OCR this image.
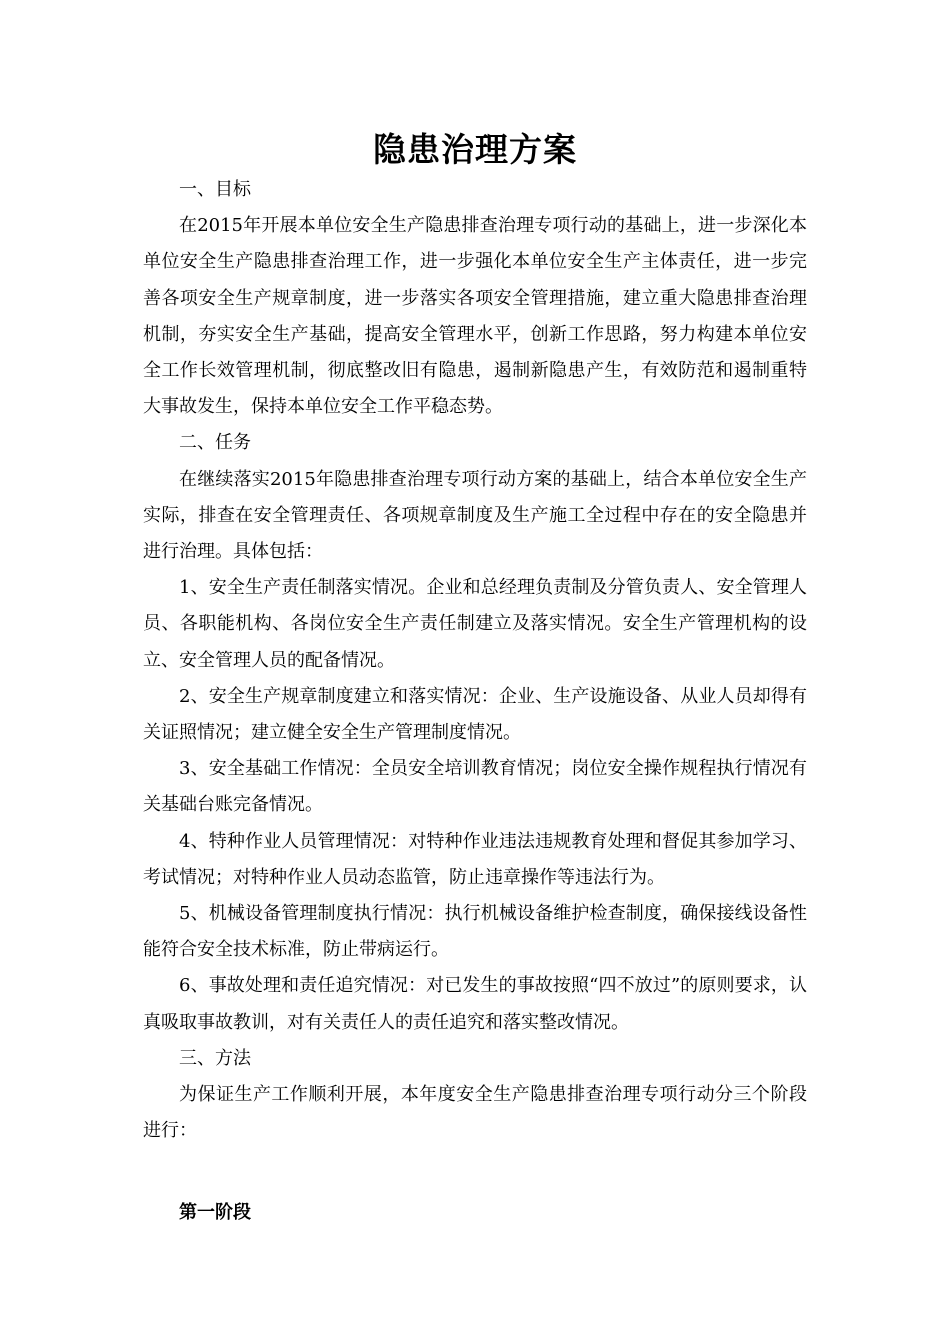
隐患治理方案

一、目标

在2015年开展本单位安全生产隐患排查治理专项行动的基础上，进一步深化本单位安全生产隐患排查治理工作，进一步强化本单位安全生产主体责任，进一步完善各项安全生产规章制度，进一步落实各项安全管理措施，建立重大隐患排查治理机制，夯实安全生产基础，提高安全管理水平，创新工作思路，努力构建本单位安全工作长效管理机制，彻底整改旧有隐患，遏制新隐患产生，有效防范和遏制重特大事故发生，保持本单位安全工作平稳态势。

二、任务

在继续落实2015年隐患排查治理专项行动方案的基础上，结合本单位安全生产实际，排查在安全管理责任、各项规章制度及生产施工全过程中存在的安全隐患并进行治理。具体包括：

1、安全生产责任制落实情况。企业和总经理负责制及分管负责人、安全管理人员、各职能机构、各岗位安全生产责任制建立及落实情况。安全生产管理机构的设立、安全管理人员的配备情况。

2、安全生产规章制度建立和落实情况：企业、生产设施设备、从业人员却得有关证照情况；建立健全安全生产管理制度情况。

3、安全基础工作情况：全员安全培训教育情况；岗位安全操作规程执行情况有关基础台账完备情况。

4、特种作业人员管理情况：对特种作业违法违规教育处理和督促其参加学习、考试情况；对特种作业人员动态监管，防止违章操作等违法行为。

5、机械设备管理制度执行情况：执行机械设备维护检查制度，确保接线设备性能符合安全技术标准，防止带病运行。

6、事故处理和责任追究情况：对已发生的事故按照“四不放过”的原则要求，认真吸取事故教训，对有关责任人的责任追究和落实整改情况。

三、方法

为保证生产工作顺利开展，本年度安全生产隐患排查治理专项行动分三个阶段进行：

第一阶段
